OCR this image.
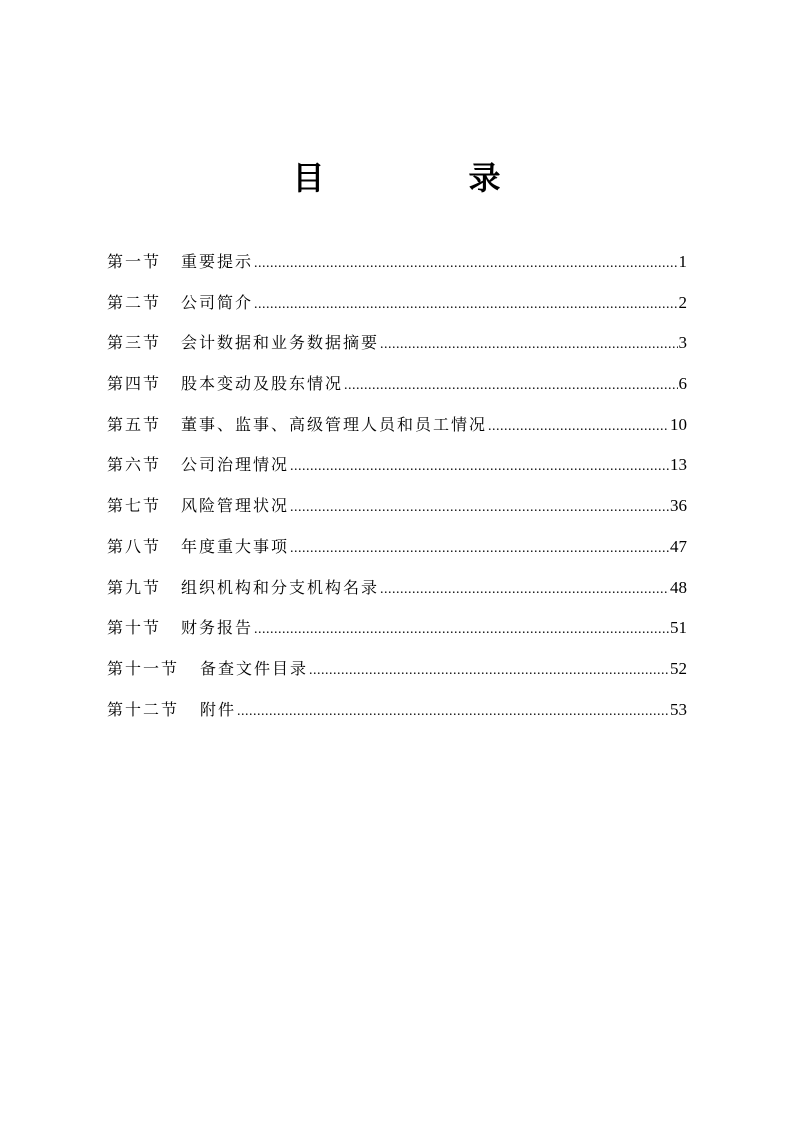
目　录
第一节	重要提示 .....	1
第二节	公司简介 .....	2
第三节	会计数据和业务数据摘要 .....	3
第四节	股本变动及股东情况 .....	6
第五节	董事、监事、高级管理人员和员工情况 .....	10
第六节	公司治理情况 .....	13
第七节	风险管理状况 .....	36
第八节	年度重大事项 .....	47
第九节	组织机构和分支机构名录 .....	48
第十节	财务报告 .....	51
第十一节	备查文件目录 .....	52
第十二节	附件 .....	53
